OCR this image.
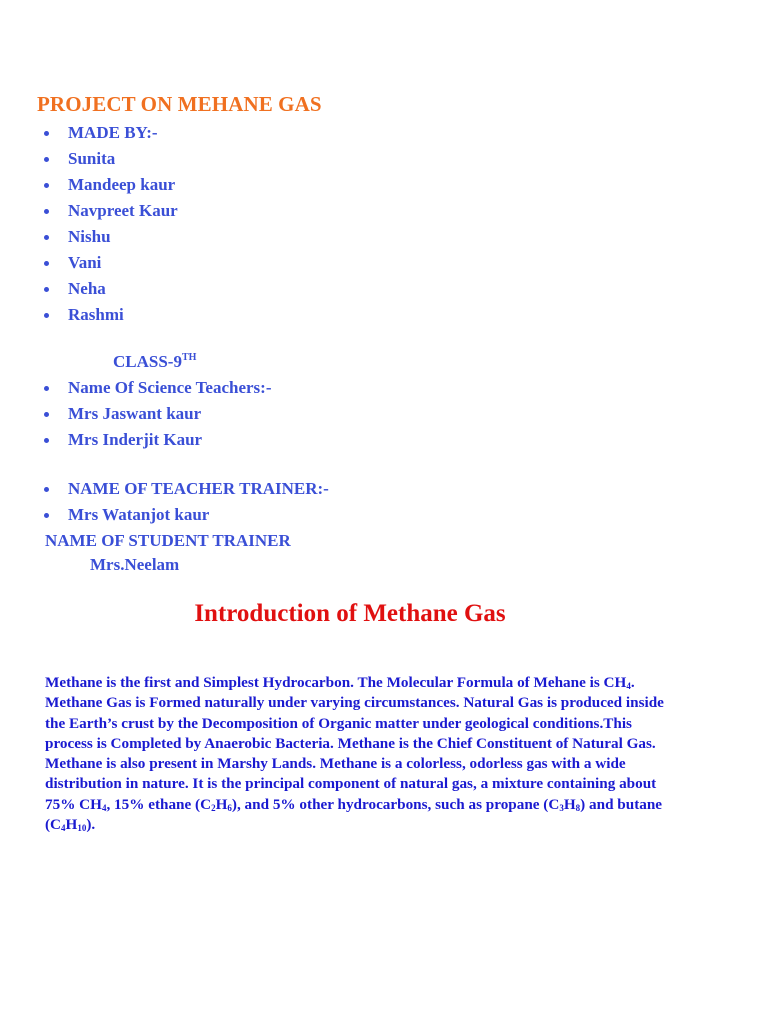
PROJECT ON MEHANE GAS
MADE BY:-
Sunita
Mandeep kaur
Navpreet Kaur
Nishu
Vani
Neha
Rashmi
CLASS-9TH
Name Of Science Teachers:-
Mrs Jaswant kaur
Mrs Inderjit Kaur
NAME OF TEACHER TRAINER:-
Mrs Watanjot kaur
NAME OF STUDENT TRAINER
Mrs.Neelam
Introduction of Methane Gas

Methane is the first and Simplest Hydrocarbon. The Molecular Formula of Mehane is $CH_4$. Methane Gas is Formed naturally under varying circumstances. Natural Gas is produced inside the Earth’s crust by the Decomposition of Organic matter under geological conditions.This process is Completed by Anaerobic Bacteria. Methane is the Chief Constituent of Natural Gas. Methane is also present in Marshy Lands. Methane is a colorless, odorless gas with a wide distribution in nature. It is the principal component of natural gas, a mixture containing about 75% $CH_4$, 15% ethane $(C_2H_6)$, and 5% other hydrocarbons, such as propane $(C_3H_8)$ and butane $(C_4H_{10})$.
